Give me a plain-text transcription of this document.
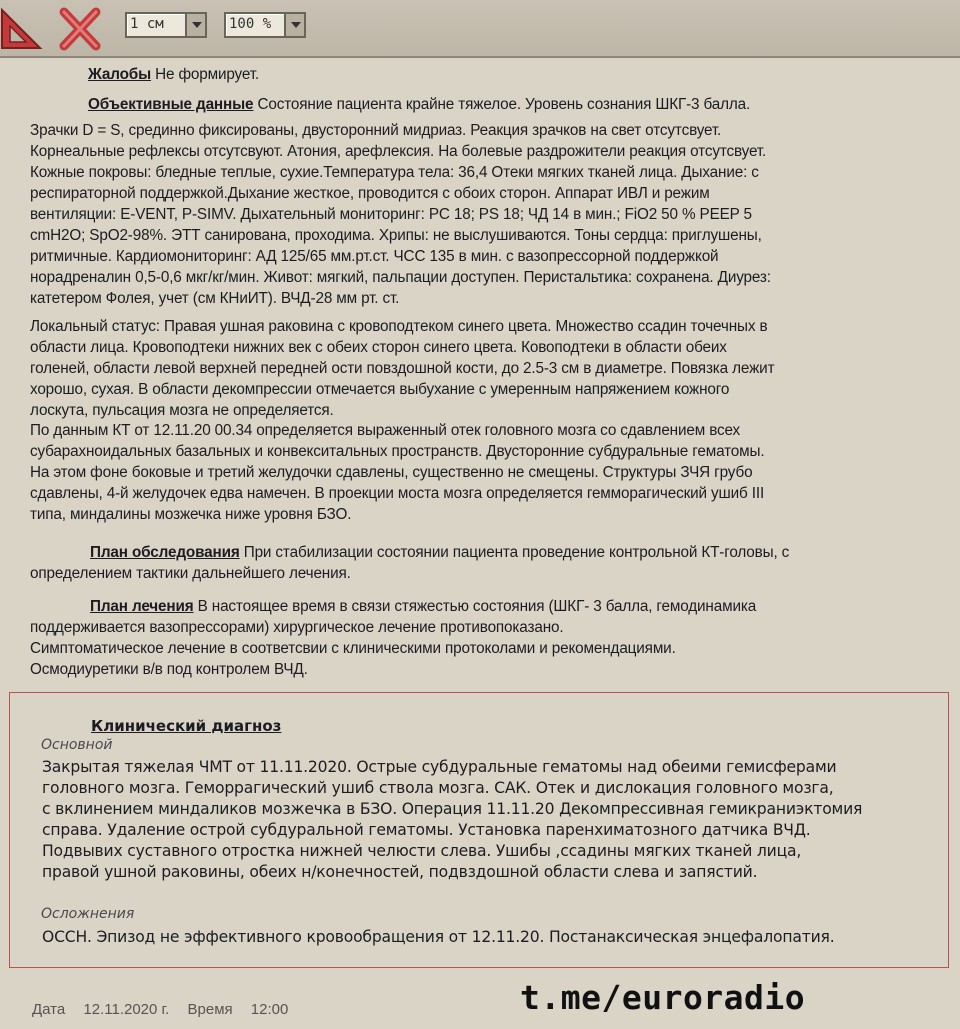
1 см	100 %
Жалобы Не формирует.
Объективные данные Состояние пациента крайне тяжелое. Уровень сознания ШКГ-3 балла.
Зрачки D = S, срединно фиксированы, двусторонний мидриаз. Реакция зрачков на свет отсутсвует.
Корнеальные рефлексы отсутсвуют. Атония, арефлексия. На болевые раздрожители реакция отсутсвует.
Кожные покровы: бледные теплые, сухие.Температура тела: 36,4 Отеки мягких тканей лица. Дыхание: с
респираторной поддержкой.Дыхание жесткое, проводится с обоих сторон. Аппарат ИВЛ и режим
вентиляции: E-VENT, P-SIMV. Дыхательный мониторинг: PC 18; PS 18; ЧД 14 в мин.; FiO2 50 % PEEP 5
cmH2O; SpO2-98%. ЭТТ санирована, проходима. Хрипы: не выслушиваются. Тоны сердца: приглушены,
ритмичные. Кардиомониторинг: АД 125/65 мм.рт.ст. ЧСС 135 в мин. с вазопрессорной поддержкой
норадреналин 0,5-0,6 мкг/кг/мин. Живот: мягкий, пальпации доступен. Перистальтика: сохранена. Диурез:
катетером Фолея, учет (см КНиИТ). ВЧД-28 мм рт. ст.
Локальный статус: Правая ушная раковина с кровоподтеком синего цвета. Множество ссадин точечных в
области лица. Кровоподтеки нижних век с обеих сторон синего цвета. Ковоподтеки в области обеих
голеней, области левой верхней передней ости повздошной кости, до 2.5-3 см в диаметре. Повязка лежит
хорошо, сухая. В области декомпрессии отмечается выбухание с умеренным напряжением кожного
лоскута, пульсация мозга не определяется.
По данным КТ от 12.11.20 00.34 определяется выраженный отек головного мозга со сдавлением всех
субарахноидальных базальных и конвекситальных пространств. Двусторонние субдуральные гематомы.
На этом фоне боковые и третий желудочки сдавлены, существенно не смещены. Структуры ЗЧЯ грубо
сдавлены, 4-й желудочек едва намечен. В проекции моста мозга определяется гемморагический ушиб III
типа, миндалины мозжечка ниже уровня БЗО.
План обследования При стабилизации состоянии пациента проведение контрольной КТ-головы, с
определением тактики дальнейшего лечения.
План лечения В настоящее время в связи стяжестью состояния (ШКГ- 3 балла, гемодинамика
поддерживается вазопрессорами) хирургическое лечение противопоказано.
Симптоматическое лечение в соответсвии с клиническими протоколами и рекомендациями.
Осмодиуретики в/в под контролем ВЧД.
Клинический диагноз
Основной
Закрытая тяжелая ЧМТ от 11.11.2020. Острые субдуральные гематомы над обеими гемисферами
головного мозга. Геморрагический ушиб ствола мозга. САК. Отек и дислокация головного мозга,
с вклинением миндаликов мозжечка в БЗО. Операция 11.11.20 Декомпрессивная гемикраниэктомия
справа. Удаление острой субдуральной гематомы. Установка паренхиматозного датчика ВЧД.
Подвывих суставного отростка нижней челюсти слева. Ушибы ,ссадины мягких тканей лица,
правой ушной раковины, обеих н/конечностей, подвздошной области слева и запястий.
Осложнения
ОССН. Эпизод не эффективного кровообращения от 12.11.20. Постанаксическая энцефалопатия.
Дата 12.11.2020 г. Время 12:00	t.me/euroradio
